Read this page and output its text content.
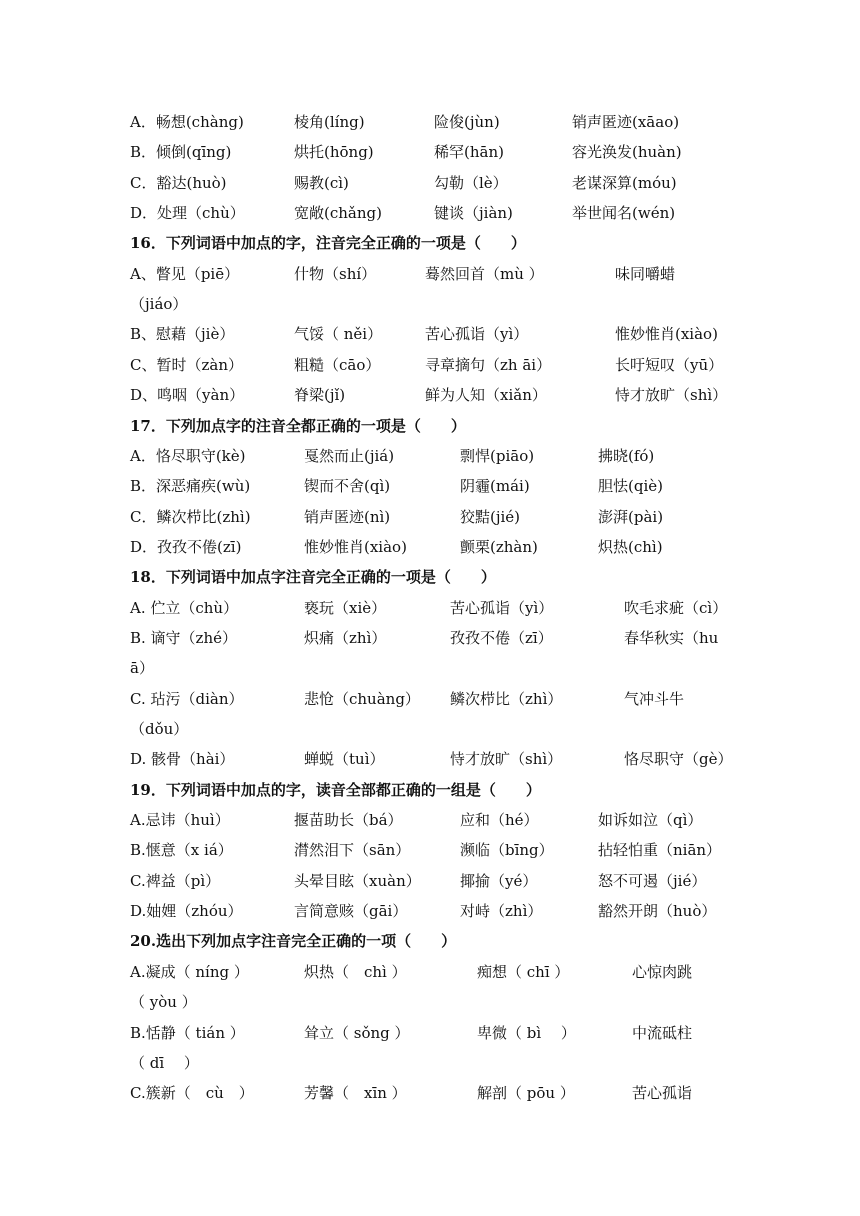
A．畅想(chàng)	棱角(líng)	险俊(jùn)	销声匿迹(xāao)
B．倾倒(qīng)	烘托(hōng)	稀罕(hān)	容光涣发(huàn)
C．豁达(huò)	赐教(cì)	勾勒（lè）	老谋深算(móu)
D．处理（chù）	宽敞(chǎng)	键谈（jiàn)	举世闻名(wén)
16．下列词语中加点的字，注音完全正确的一项是（　　）
A、瞥见（piē）	什物（shí）	蓦然回首（mù ）	味同嚼蜡
（jiáo）
B、慰藉（jiè）	气馁（ něi）	苦心孤诣（yì）	惟妙惟肖(xiào)
C、暂时（zàn）	粗糙（cāo）	寻章摘句（zh āi）	长吁短叹（yū）
D、鸣咽（yàn）	脊梁(jǐ)	鲜为人知（xiǎn）	恃才放旷（shì）
17．下列加点字的注音全都正确的一项是（　　）
A．恪尽职守(kè)	戛然而止(jiá)	剽悍(piāo)	拂晓(fó)
B．深恶痛疾(wù)	锲而不舍(qì)	阴霾(mái)	胆怯(qiè)
C．鳞次栉比(zhì)	销声匿迹(nì)	狡黠(jié)	澎湃(pài)
D．孜孜不倦(zī)	惟妙惟肖(xiào)	颤栗(zhàn)	炽热(chì)
18．下列词语中加点字注音完全正确的一项是（　　）
A. 伫立（chù）	亵玩（xiè）	苦心孤诣（yì）	吹毛求疵（cì）
B. 谪守（zhé）	炽痛（zhì）	孜孜不倦（zī）	春华秋实（hu
ā）
C. 玷污（diàn）	悲怆（chuàng） 鳞次栉比（zhì）	气冲斗牛
（dǒu）
D. 骸骨（hài）	蝉蜕（tuì）	恃才放旷（shì）	恪尽职守（gè）
19．下列词语中加点的字，读音全部都正确的一组是（　　）
A.忌讳（huì）	揠苗助长（bá）	应和（hé）	如诉如泣（qì）
B.惬意（x iá）	潸然泪下（sān）	濒临（bīng）	拈轻怕重（niān）
C.裨益（pì）	头晕目眩（xuàn）	揶揄（yé）	怒不可遏（jié）
D.妯娌（zhóu）	言简意赅（gāi）	对峙（zhì）	豁然开朗（huò）
20.选出下列加点字注音完全正确的一项（　　）
A.凝成（ níng ）	炽热（　chì ）	痴想（ chī ）	心惊肉跳
（ yòu ）
B.恬静（ tián ）	耸立（ sǒng ）	卑微（ bì　 ）	中流砥柱
（ dī　 ）
C.簇新（　cù　）	芳馨（　xīn ）	解剖（ pōu ）	苦心孤诣
